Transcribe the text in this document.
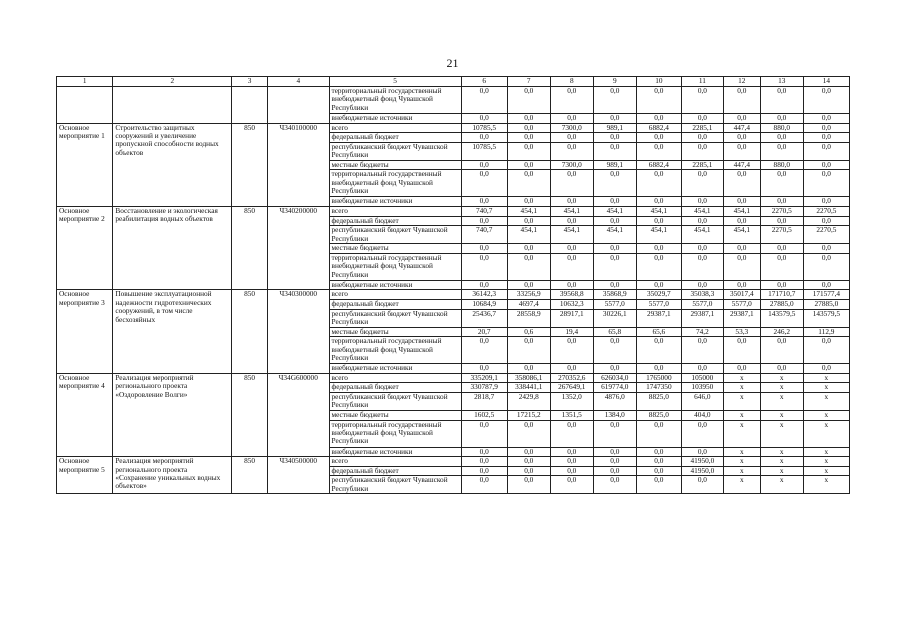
21
1	2	3	4	5	6	7	8	9	10	11	12	13	14
				территориальный государственный внебюджетный фонд Чувашской Республики	0,0	0,0	0,0	0,0	0,0	0,0	0,0	0,0	0,0
				внебюджетные источники	0,0	0,0	0,0	0,0	0,0	0,0	0,0	0,0	0,0
Основное мероприятие 1	Строительство защитных сооружений и увеличение пропускной способности водных объектов	850	Ч340100000	всего	10785,5	0,0	7300,0	989,1	6882,4	2285,1	447,4	880,0	0,0
				федеральный бюджет	0,0	0,0	0,0	0,0	0,0	0,0	0,0	0,0	0,0
				республиканский бюджет Чувашской Республики	10785,5	0,0	0,0	0,0	0,0	0,0	0,0	0,0	0,0
				местные бюджеты	0,0	0,0	7300,0	989,1	6882,4	2285,1	447,4	880,0	0,0
				территориальный государственный внебюджетный фонд Чувашской Республики	0,0	0,0	0,0	0,0	0,0	0,0	0,0	0,0	0,0
				внебюджетные источники	0,0	0,0	0,0	0,0	0,0	0,0	0,0	0,0	0,0
Основное мероприятие 2	Восстановление и экологическая реабилитация водных объектов	850	Ч340200000	всего	740,7	454,1	454,1	454,1	454,1	454,1	454,1	2270,5	2270,5
				федеральный бюджет	0,0	0,0	0,0	0,0	0,0	0,0	0,0	0,0	0,0
				республиканский бюджет Чувашской Республики	740,7	454,1	454,1	454,1	454,1	454,1	454,1	2270,5	2270,5
				местные бюджеты	0,0	0,0	0,0	0,0	0,0	0,0	0,0	0,0	0,0
				территориальный государственный внебюджетный фонд Чувашской Республики	0,0	0,0	0,0	0,0	0,0	0,0	0,0	0,0	0,0
				внебюджетные источники	0,0	0,0	0,0	0,0	0,0	0,0	0,0	0,0	0,0
Основное мероприятие 3	Повышение эксплуатационной надежности гидротехнических сооружений, в том числе бесхозяйных	850	Ч340300000	всего	36142,3	33256,9	39568,8	35868,9	35029,7	35038,3	35017,4	171710,7	171577,4
				федеральный бюджет	10684,9	4697,4	10632,3	5577,0	5577,0	5577,0	5577,0	27885,0	27885,0
				республиканский бюджет Чувашской Республики	25436,7	28558,9	28917,1	30226,1	29387,1	29387,1	29387,1	143579,5	143579,5
				местные бюджеты	20,7	0,6	19,4	65,8	65,6	74,2	53,3	246,2	112,9
				территориальный государственный внебюджетный фонд Чувашской Республики	0,0	0,0	0,0	0,0	0,0	0,0	0,0	0,0	0,0
				внебюджетные источники	0,0	0,0	0,0	0,0	0,0	0,0	0,0	0,0	0,0
Основное мероприятие 4	Реализация мероприятий регионального проекта «Оздоровление Волги»	850	Ч34G600000	всего	335209,1	358086,1	270352,6	626034,0	1765000	105000	х	х	х
				федеральный бюджет	330787,9	338441,1	267649,1	619774,0	1747350	103950	х	х	х
				республиканский бюджет Чувашской Республики	2818,7	2429,8	1352,0	4876,0	8825,0	646,0	х	х	х
				местные бюджеты	1602,5	17215,2	1351,5	1384,0	8825,0	404,0	х	х	х
				территориальный государственный внебюджетный фонд Чувашской Республики	0,0	0,0	0,0	0,0	0,0	0,0	х	х	х
				внебюджетные источники	0,0	0,0	0,0	0,0	0,0	0,0	х	х	х
Основное мероприятие 5	Реализация мероприятий регионального проекта «Сохранение уникальных водных объектов»	850	Ч340500000	всего	0,0	0,0	0,0	0,0	0,0	41950,0	х	х	х
				федеральный бюджет	0,0	0,0	0,0	0,0	0,0	41950,0	х	х	х
				республиканский бюджет Чувашской Республики	0,0	0,0	0,0	0,0	0,0	0,0	х	х	х
